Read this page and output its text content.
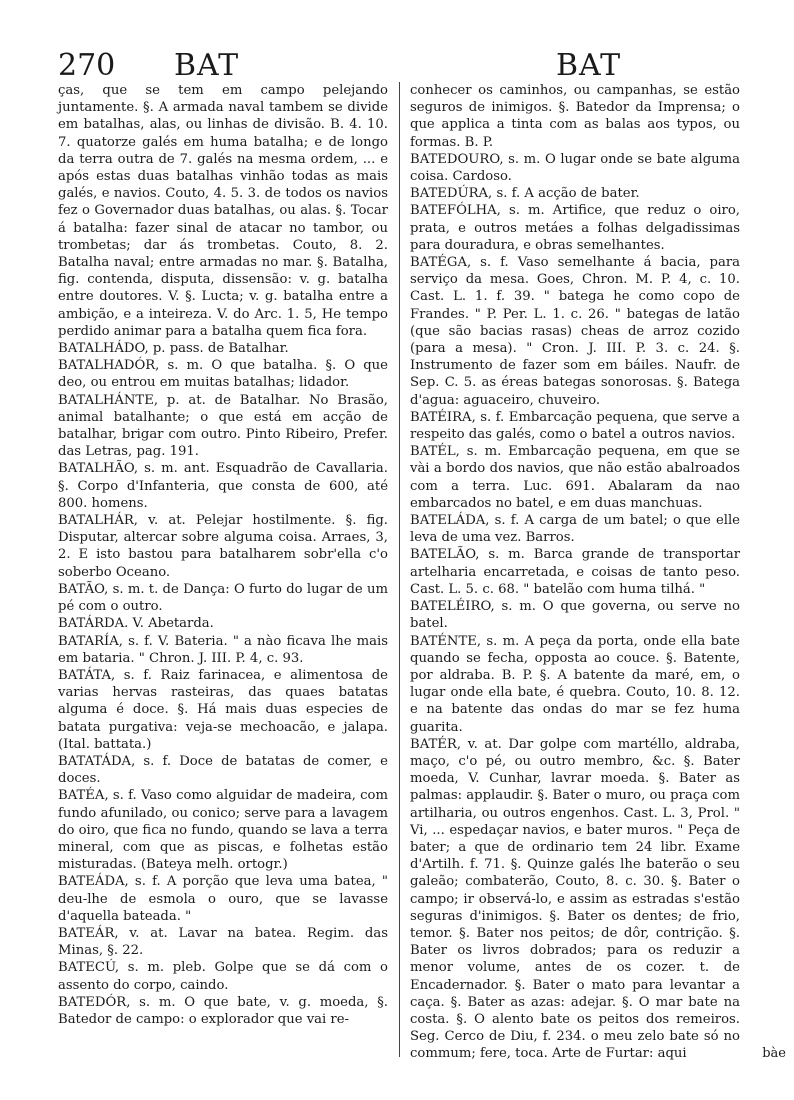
270 BAT	BAT

ças, que se tem em campo pelejando juntamente. §. A armada naval tambem se divide em batalhas, alas, ou linhas de divisão. B. 4. 10. 7. quatorze galés em huma batalha; e de longo da terra outra de 7. galés na mesma ordem, ... e após estas duas batalhas vinhão todas as mais galés, e navios. Couto, 4. 5. 3. de todos os navios fez o Governador duas batalhas, ou alas. §. Tocar á batalha: fazer sinal de atacar no tambor, ou trombetas; dar ás trombetas. Couto, 8. 2. Batalha naval; entre armadas no mar. §. Batalha, fig. contenda, disputa, dissensão: v. g. batalha entre doutores. V. §. Lucta; v. g. batalha entre a ambição, e a inteireza. V. do Arc. 1. 5, He tempo perdido animar para a batalha quem fica fora.

BATALHÁDO, p. pass. de Batalhar.

BATALHADÓR, s. m. O que batalha. §. O que deo, ou entrou em muitas batalhas; lidador.

BATALHÁNTE, p. at. de Batalhar. No Brasão, animal batalhante; o que está em acção de batalhar, brigar com outro. Pinto Ribeiro, Prefer. das Letras, pag. 191.

BATALHÃO, s. m. ant. Esquadrão de Cavallaria. §. Corpo d'Infanteria, que consta de 600, até 800. homens.

BATALHÁR, v. at. Pelejar hostilmente. §. fig. Disputar, altercar sobre alguma coisa. Arraes, 3, 2. E isto bastou para batalharem sobr'ella c'o soberbo Oceano.

BATÃO, s. m. t. de Dança: O furto do lugar de um pé com o outro.

BATÁRDA. V. Abetarda.

BATARÍA, s. f. V. Bateria. " a nào ficava lhe mais em bataria. " Chron. J. III. P. 4, c. 93.

BATÁTA, s. f. Raiz farinacea, e alimentosa de varias hervas rasteiras, das quaes batatas alguma é doce. §. Há mais duas especies de batata purgativa: veja-se mechoacão, e jalapa. (Ital. battata.)

BATATÁDA, s. f. Doce de batatas de comer, e doces.

BATÉA, s. f. Vaso como alguidar de madeira, com fundo afunilado, ou conico; serve para a lavagem do oiro, que fica no fundo, quando se lava a terra mineral, com que as piscas, e folhetas estão misturadas. (Bateya melh. ortogr.)

BATEÁDA, s. f. A porção que leva uma batea, " deu-lhe de esmola o ouro, que se lavasse d'aquella bateada. "

BATEÁR, v. at. Lavar na batea. Regim. das Minas, §. 22.

BATECÚ, s. m. pleb. Golpe que se dá com o assento do corpo, caindo.

BATEDÓR, s. m. O que bate, v. g. moeda, §. Batedor de campo: o explorador que vai re-

conhecer os caminhos, ou campanhas, se estão seguros de inimigos. §. Batedor da Imprensa; o que applica a tinta com as balas aos typos, ou formas. B. P.

BATEDOURO, s. m. O lugar onde se bate alguma coisa. Cardoso.

BATEDÚRA, s. f. A acção de bater.

BATEFÓLHA, s. m. Artifice, que reduz o oiro, prata, e outros metáes a folhas delgadissimas para douradura, e obras semelhantes.

BATÉGA, s. f. Vaso semelhante á bacia, para serviço da mesa. Goes, Chron. M. P. 4, c. 10. Cast. L. 1. f. 39. " batega he como copo de Frandes. " P. Per. L. 1. c. 26. " bategas de latão (que são bacias rasas) cheas de arroz cozido (para a mesa). " Cron. J. III. P. 3. c. 24. §. Instrumento de fazer som em báiles. Naufr. de Sep. C. 5. as éreas bategas sonorosas. §. Batega d'agua: aguaceiro, chuveiro.

BATÉIRA, s. f. Embarcação pequena, que serve a respeito das galés, como o batel a outros navios.

BATÉL, s. m. Embarcação pequena, em que se vài a bordo dos navios, que não estão abalroados com a terra. Luc. 691. Abalaram da nao embarcados no batel, e em duas manchuas.

BATELÁDA, s. f. A carga de um batel; o que elle leva de uma vez. Barros.

BATELÃO, s. m. Barca grande de transportar artelharia encarretada, e coisas de tanto peso. Cast. L. 5. c. 68. " batelão com huma tilhá. "

BATELÉIRO, s. m. O que governa, ou serve no batel.

BATÉNTE, s. m. A peça da porta, onde ella bate quando se fecha, opposta ao couce. §. Batente, por aldraba. B. P. §. A batente da maré, em, o lugar onde ella bate, é quebra. Couto, 10. 8. 12. e na batente das ondas do mar se fez huma guarita.

BATÉR, v. at. Dar golpe com martéllo, aldraba, maço, c'o pé, ou outro membro, &c. §. Bater moeda, V. Cunhar, lavrar moeda. §. Bater as palmas: applaudir. §. Bater o muro, ou praça com artilharia, ou outros engenhos. Cast. L. 3, Prol. " Vi, ... espedaçar navios, e bater muros. " Peça de bater; a que de ordinario tem 24 libr. Exame d'Artilh. f. 71. §. Quinze galés lhe baterão o seu galeão; combaterão, Couto, 8. c. 30. §. Bater o campo; ir observá-lo, e assim as estradas s'estão seguras d'inimigos. §. Bater os dentes; de frio, temor. §. Bater nos peitos; de dôr, contrição. §. Bater os livros dobrados; para os reduzir a menor volume, antes de os cozer. t. de Encadernador. §. Bater o mato para levantar a caça. §. Bater as azas: adejar. §. O mar bate na costa. §. O alento bate os peitos dos remeiros. Seg. Cerco de Diu, f. 234. o meu zelo bate só no commum; fere, toca. Arte de Furtar: aqui	bàe
